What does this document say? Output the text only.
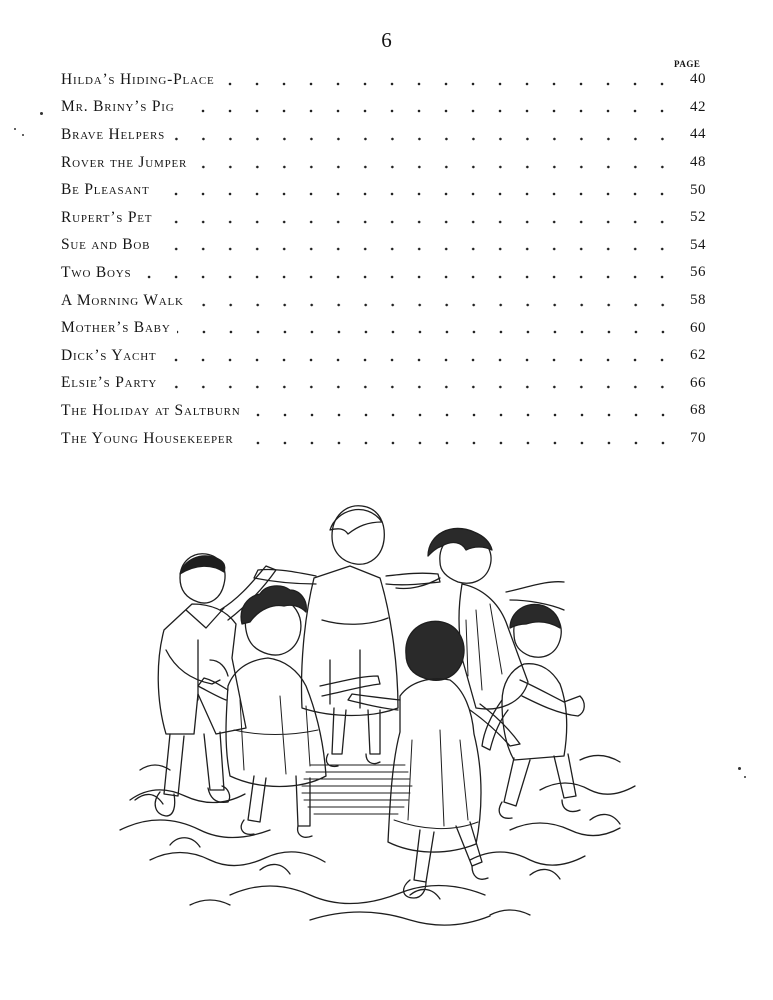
6
PAGE
Hilda’s Hiding-Place	40
Mr. Briny’s Pig	42
Brave Helpers	44
Rover the Jumper	48
Be Pleasant	50
Rupert’s Pet	52
Sue and Bob	54
Two Boys	56
A Morning Walk	58
Mother’s Baby	60
Dick’s Yacht	62
Elsie’s Party	66
The Holiday at Saltburn	68
The Young Housekeeper	70
